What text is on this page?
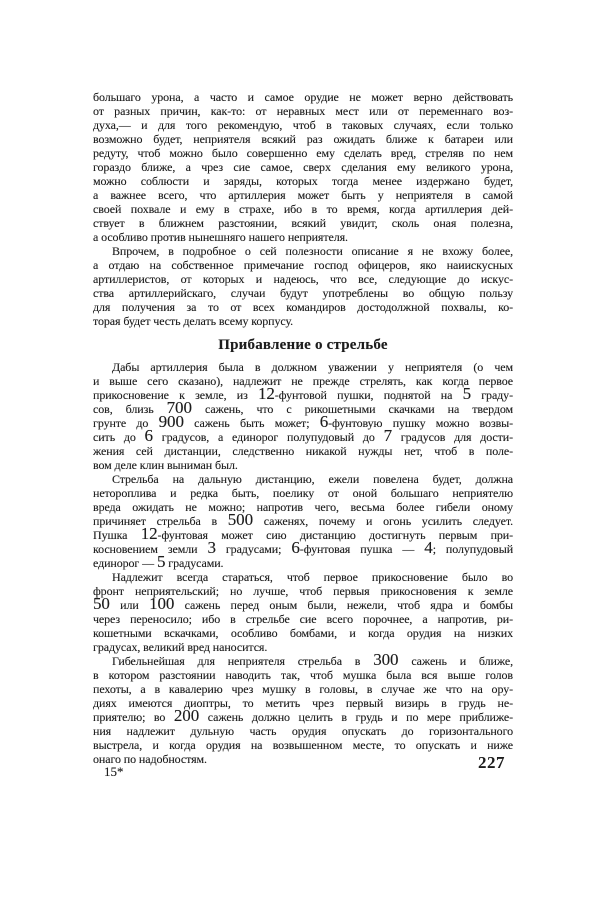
большаго урона, а часто и самое орудие не может верно действовать
от разных причин, как-то: от неравных мест или от переменнаго воз-
духа,— и для того рекомендую, чтоб в таковых случаях, если только
возможно будет, неприятеля всякий раз ожидать ближе к батареи или
редуту, чтоб можно было совершенно ему сделать вред, стреляв по нем
гораздо ближе, а чрез сие самое, сверх сделания ему великого урона,
можно соблюсти и заряды, которых тогда менее издержано будет,
а важнее всего, что артиллерия может быть у неприятеля в самой
своей похвале и ему в страхе, ибо в то время, когда артиллерия дей-
ствует в ближнем разстоянии, всякий увидит, сколь оная полезна,
а особливо против нынешняго нашего неприятеля.
Впрочем, в подробное о сей полезности описание я не вхожу более,
а отдаю на собственное примечание господ офицеров, яко наиискусных
артиллеристов, от которых и надеюсь, что все, следующие до искус-
ства артиллерийскаго, случаи будут употреблены во общую пользу
для получения за то от всех командиров достодолжной похвалы, ко-
торая будет честь делать всему корпусу.
Прибавление о стрельбе
Дабы артиллерия была в должном уважении у неприятеля (о чем
и выше сего сказано), надлежит не прежде стрелять, как когда первое
прикосновение к земле, из 12-фунтовой пушки, поднятой на 5 граду-
сов, близь 700 сажень, что с рикошетными скачками на твердом
грунте до 900 сажень быть может; 6-фунтовую пушку можно возвы-
сить до 6 градусов, а единорог полупудовый до 7 градусов для дости-
жения сей дистанции, следственно никакой нужды нет, чтоб в поле-
вом деле клин выниман был.
Стрельба на дальную дистанцию, ежели повелена будет, должна
нетороплива и редка быть, поелику от оной большаго неприятелю
вреда ожидать не можно; напротив чего, весьма более гибели оному
причиняет стрельба в 500 саженях, почему и огонь усилить следует.
Пушка 12-фунтовая может сию дистанцию достигнуть первым при-
косновением земли 3 градусами; 6-фунтовая пушка — 4; полупудовый
единорог — 5 градусами.
Надлежит всегда стараться, чтоб первое прикосновение было во
фронт неприятельский; но лучше, чтоб первыя прикосновения к земле
50 или 100 сажень перед оным были, нежели, чтоб ядра и бомбы
через переносило; ибо в стрельбе сие всего порочнее, а напротив, ри-
кошетными вскачками, особливо бомбами, и когда орудия на низких
градусах, великий вред наносится.
Гибельнейшая для неприятеля стрельба в 300 сажень и ближе,
в котором разстоянии наводить так, чтоб мушка была вся выше голов
пехоты, а в кавалерию чрез мушку в головы, в случае же что на ору-
диях имеются диоптры, то метить чрез первый визирь в грудь не-
приятелю; во 200 сажень должно целить в грудь и по мере приближе-
ния надлежит дульную часть орудия опускать до горизонтального
выстрела, и когда орудия на возвышенном месте, то опускать и ниже
онаго по надобностям.
15*	227
